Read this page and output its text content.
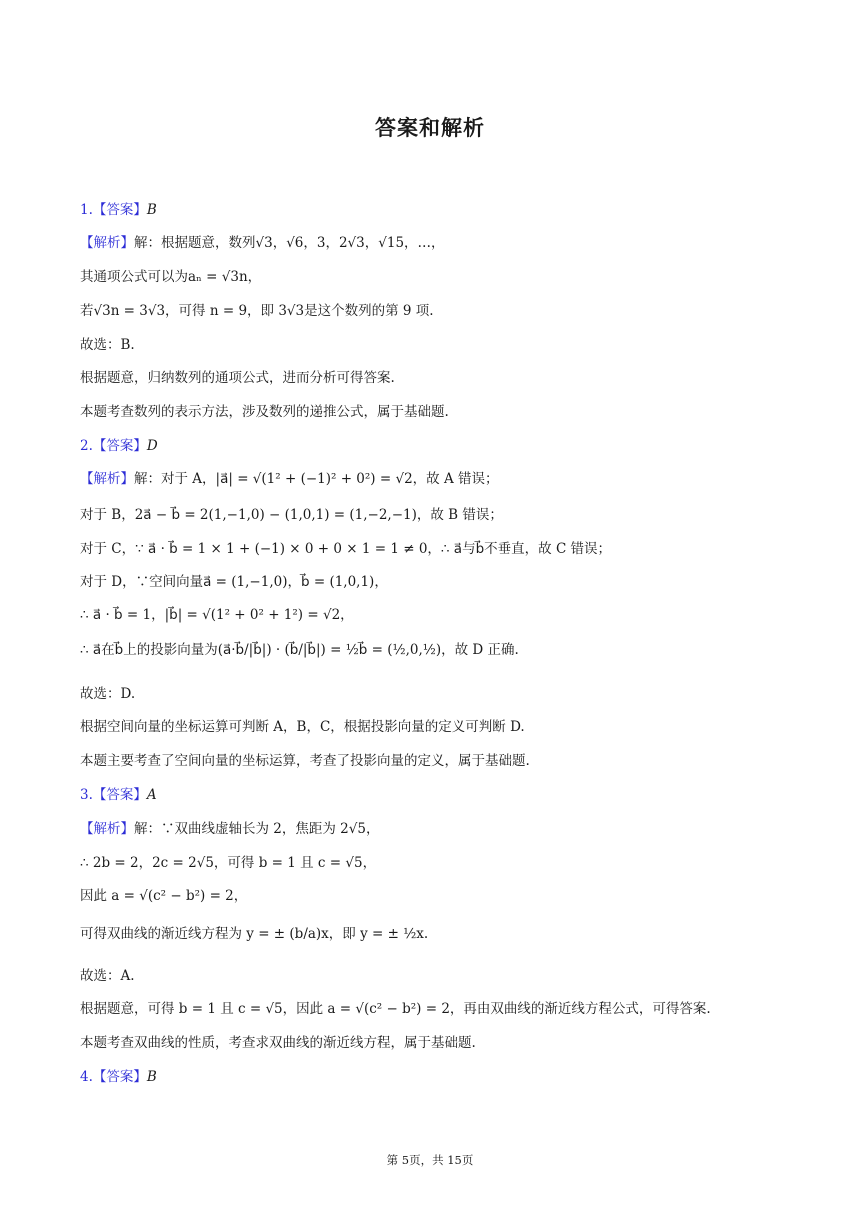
答案和解析
1.【答案】B
【解析】解：根据题意，数列√3，√6，3，2√3，√15，…，
其通项公式可以为aₙ = √3n，
若√3n = 3√3，可得 n = 9，即 3√3是这个数列的第 9 项.
故选：B.
根据题意，归纳数列的通项公式，进而分析可得答案.
本题考查数列的表示方法，涉及数列的递推公式，属于基础题.
2.【答案】D
【解析】解：对于 A，|a⃗| = √(1² + (−1)² + 0²) = √2，故 A 错误；
对于 B，2a⃗ − b⃗ = 2(1,−1,0) − (1,0,1) = (1,−2,−1)，故 B 错误；
对于 C，∵ a⃗ · b⃗ = 1 × 1 + (−1) × 0 + 0 × 1 = 1 ≠ 0，∴ a⃗与b⃗不垂直，故 C 错误；
对于 D，∵空间向量a⃗ = (1,−1,0)，b⃗ = (1,0,1)，
∴ a⃗ · b⃗ = 1，|b⃗| = √(1² + 0² + 1²) = √2，
∴ a⃗在b⃗上的投影向量为(a⃗·b⃗/|b⃗|) · (b⃗/|b⃗|) = ½b⃗ = (½,0,½)，故 D 正确.
故选：D.
根据空间向量的坐标运算可判断 A，B，C，根据投影向量的定义可判断 D.
本题主要考查了空间向量的坐标运算，考查了投影向量的定义，属于基础题.
3.【答案】A
【解析】解：∵双曲线虚轴长为 2，焦距为 2√5，
∴ 2b = 2，2c = 2√5，可得 b = 1 且 c = √5，
因此 a = √(c² − b²) = 2，
可得双曲线的渐近线方程为 y = ± (b/a)x，即 y = ± ½x.
故选：A.
根据题意，可得 b = 1 且 c = √5，因此 a = √(c² − b²) = 2，再由双曲线的渐近线方程公式，可得答案.
本题考查双曲线的性质，考查求双曲线的渐近线方程，属于基础题.
4.【答案】B
第 5页，共 15页
